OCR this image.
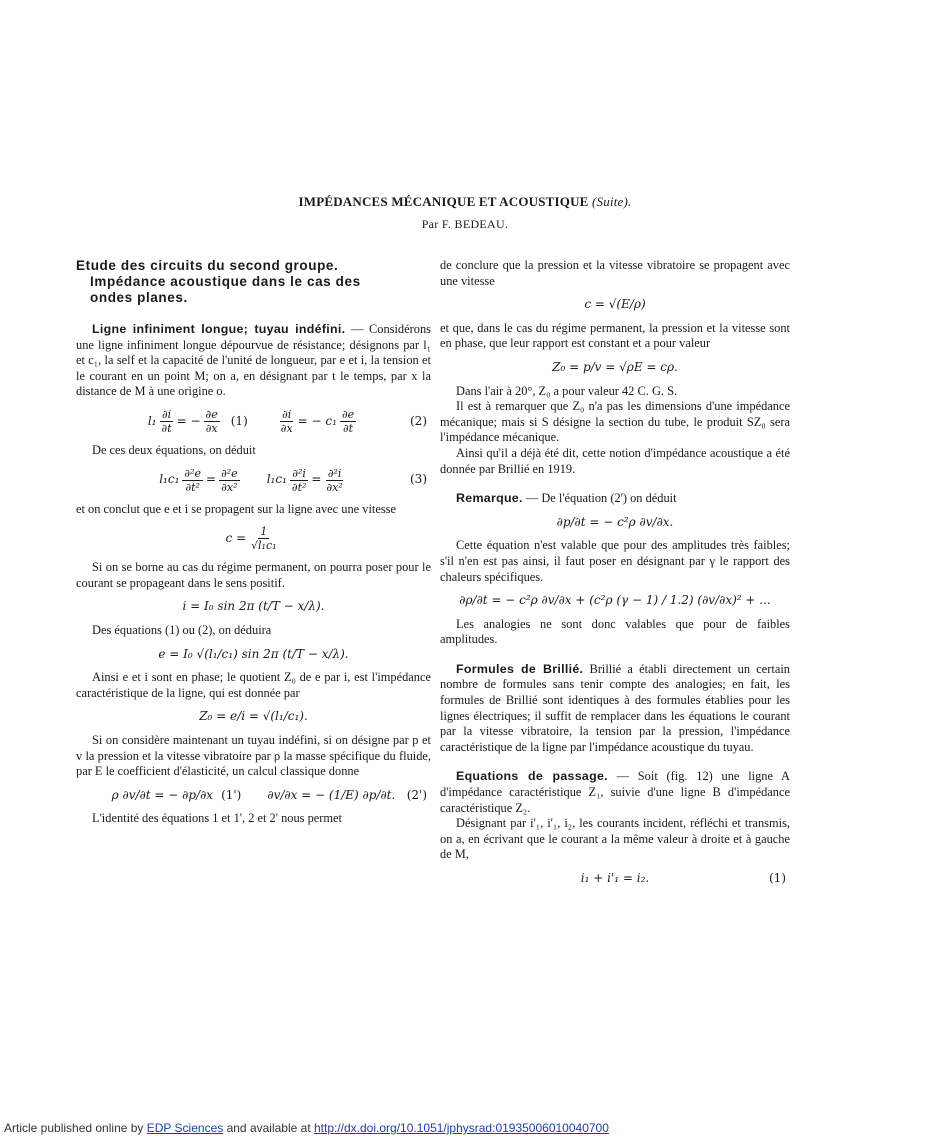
IMPÉDANCES MÉCANIQUE ET ACOUSTIQUE (Suite).
Par F. BEDEAU.
Etude des circuits du second groupe.
Impédance acoustique dans le cas des
ondes planes.

Ligne infiniment longue; tuyau indéfini. — Considérons une ligne infiniment longue dépourvue de résistance; désignons par l₁ et c₁, la self et la capacité de l'unité de longueur, par e et i, la tension et le courant en un point M; on a, en désignant par t le temps, par x la distance de M à une origine o.

$l_1 \frac{\partial i}{\partial t}$ = − $\frac{\partial e}{\partial x} (1)$	$\frac{\partial i}{\partial x}$ = − $c_1 \frac{\partial e}{\partial t}$	(2)

De ces deux équations, on déduit

$l_1c_1 \frac{\text{∂²e}}{\text{∂t²}} = \frac{\text{∂²e}}{\text{∂x²}} l_1c_1 \frac{\text{∂²i}}{\text{∂t²}} = \frac{\text{∂²i}}{\text{∂x²}}$	(3)

et on conclut que e et i se propagent sur la ligne avec une vitesse

$c = \frac{1}{\text{√l₁c₁}}$

Si on se borne au cas du régime permanent, on pourra poser pour le courant se propageant dans le sens positif.

i = I₀ sin 2π (t/T − x/λ).

Des équations (1) ou (2), on déduira

e = I₀ √(l₁/c₁) sin 2π (t/T − x/λ).

Ainsi e et i sont en phase; le quotient Z₀ de e par i, est l'impédance caractéristique de la ligne, qui est donnée par

Z₀ = e/i = √(l₁/c₁).

Si on considère maintenant un tuyau indéfini, si on désigne par p et v la pression et la vitesse vibratoire par ρ la masse spécifique du fluide, par E le coefficient d'élasticité, un calcul classique donne

ρ ∂v/∂t = − ∂p/∂x (1') ∂v/∂x = − (1/E) ∂p/∂t. (2')

L'identité des équations 1 et 1', 2 et 2' nous permet

de conclure que la pression et la vitesse vibratoire se propagent avec une vitesse

c = √(E/ρ)

et que, dans le cas du régime permanent, la pression et la vitesse sont en phase, que leur rapport est constant et a pour valeur

Z₀ = p/v = √ρE = cρ.

Dans l'air à 20°, Z₀ a pour valeur 42 C. G. S.

Il est à remarquer que Z₀ n'a pas les dimensions d'une impédance mécanique; mais si S désigne la section du tube, le produit SZ₀ sera l'impédance mécanique.

Ainsi qu'il a déjà été dit, cette notion d'impédance acoustique a été donnée par Brillié en 1919.

Remarque. — De l'équation (2') on déduit

∂p/∂t = − c²ρ ∂v/∂x.

Cette équation n'est valable que pour des amplitudes très faibles; s'il n'en est pas ainsi, il faut poser en désignant par γ le rapport des chaleurs spécifiques.

∂ρ/∂t = − c²ρ ∂v/∂x + (c²ρ (γ − 1) / 1.2) (∂v/∂x)² + ...

Les analogies ne sont donc valables que pour de faibles amplitudes.

Formules de Brillié. Brillié a établi directement un certain nombre de formules sans tenir compte des analogies; en fait, les formules de Brillié sont identiques à des formules établies pour les lignes électriques; il suffit de remplacer dans les équations le courant par la vitesse vibratoire, la tension par la pression, l'impédance caractéristique de la ligne par l'impédance acoustique du tuyau.

Equations de passage. — Soit (fig. 12) une ligne A d'impédance caractéristique Z₁, suivie d'une ligne B d'impédance caractéristique Z₂.

Désignant par i'₁, i'₁, i₂, les courants incident, réfléchi et transmis, on a, en écrivant que le courant a la même valeur à droite et à gauche de M,

i₁ + i'₁ = i₂.	(1)
Article published online by EDP Sciences and available at http://dx.doi.org/10.1051/jphysrad:01935006010040700
